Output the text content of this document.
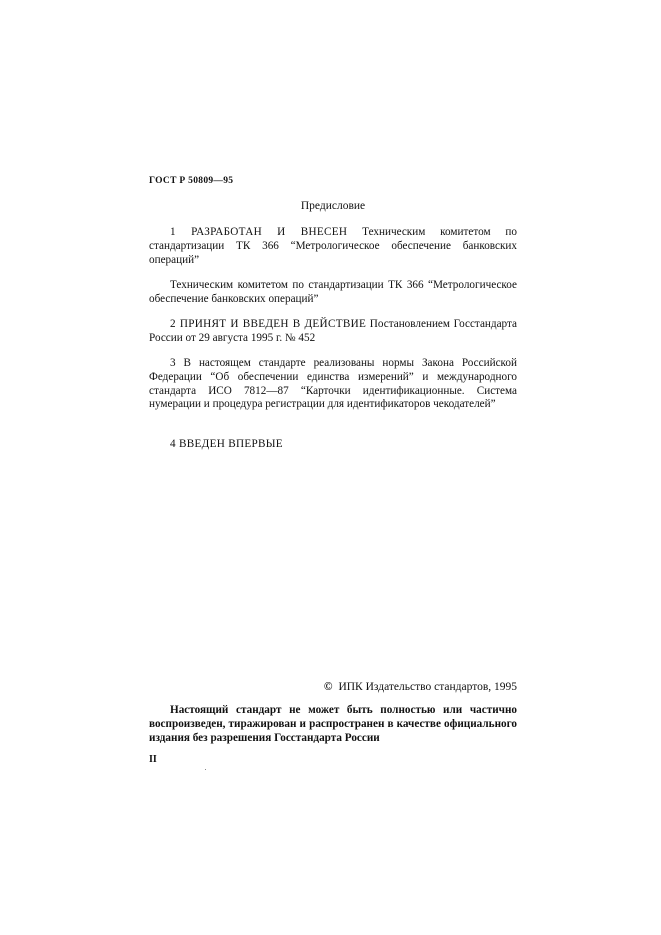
ГОСТ Р 50809—95
Предисловие

1 РАЗРАБОТАН И ВНЕСЕН Техническим комитетом по стандартизации ТК 366 “Метрологическое обеспечение банковских операций”

Техническим комитетом по стандартизации ТК 366 “Метрологическое обеспечение банковских операций”

2 ПРИНЯТ И ВВЕДЕН В ДЕЙСТВИЕ Постановлением Госстандарта России от 29 августа 1995 г. № 452

3 В настоящем стандарте реализованы нормы Закона Российской Федерации “Об обеспечении единства измерений” и международного стандарта ИСО 7812—87 “Карточки идентификационные. Система нумерации и процедура регистрации для идентификаторов чекодателей”

4 ВВЕДЕН ВПЕРВЫЕ

© ИПК Издательство стандартов, 1995

Настоящий стандарт не может быть полностью или частично воспроизведен, тиражирован и распространен в качестве официального издания без разрешения Госстандарта России

II
